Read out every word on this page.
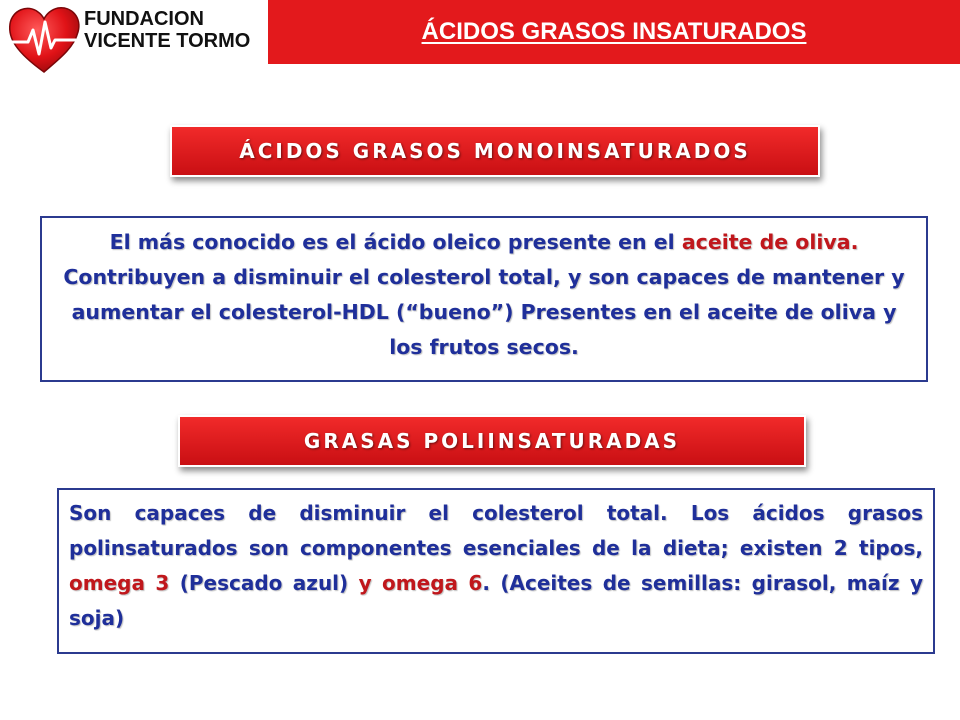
FUNDACION
VICENTE TORMO	ÁCIDOS GRASOS INSATURADOS
ÁCIDOS GRASOS MONOINSATURADOS
El más conocido es el ácido oleico presente en el aceite de oliva. Contribuyen a disminuir el colesterol total, y son capaces de mantener y aumentar el colesterol-HDL (“bueno”) Presentes en el aceite de oliva y los frutos secos.
GRASAS POLIINSATURADAS
Son capaces de disminuir el colesterol total. Los ácidos grasos polinsaturados son componentes esenciales de la dieta; existen 2 tipos, omega 3 (Pescado azul) y omega 6. (Aceites de semillas: girasol, maíz y soja)
